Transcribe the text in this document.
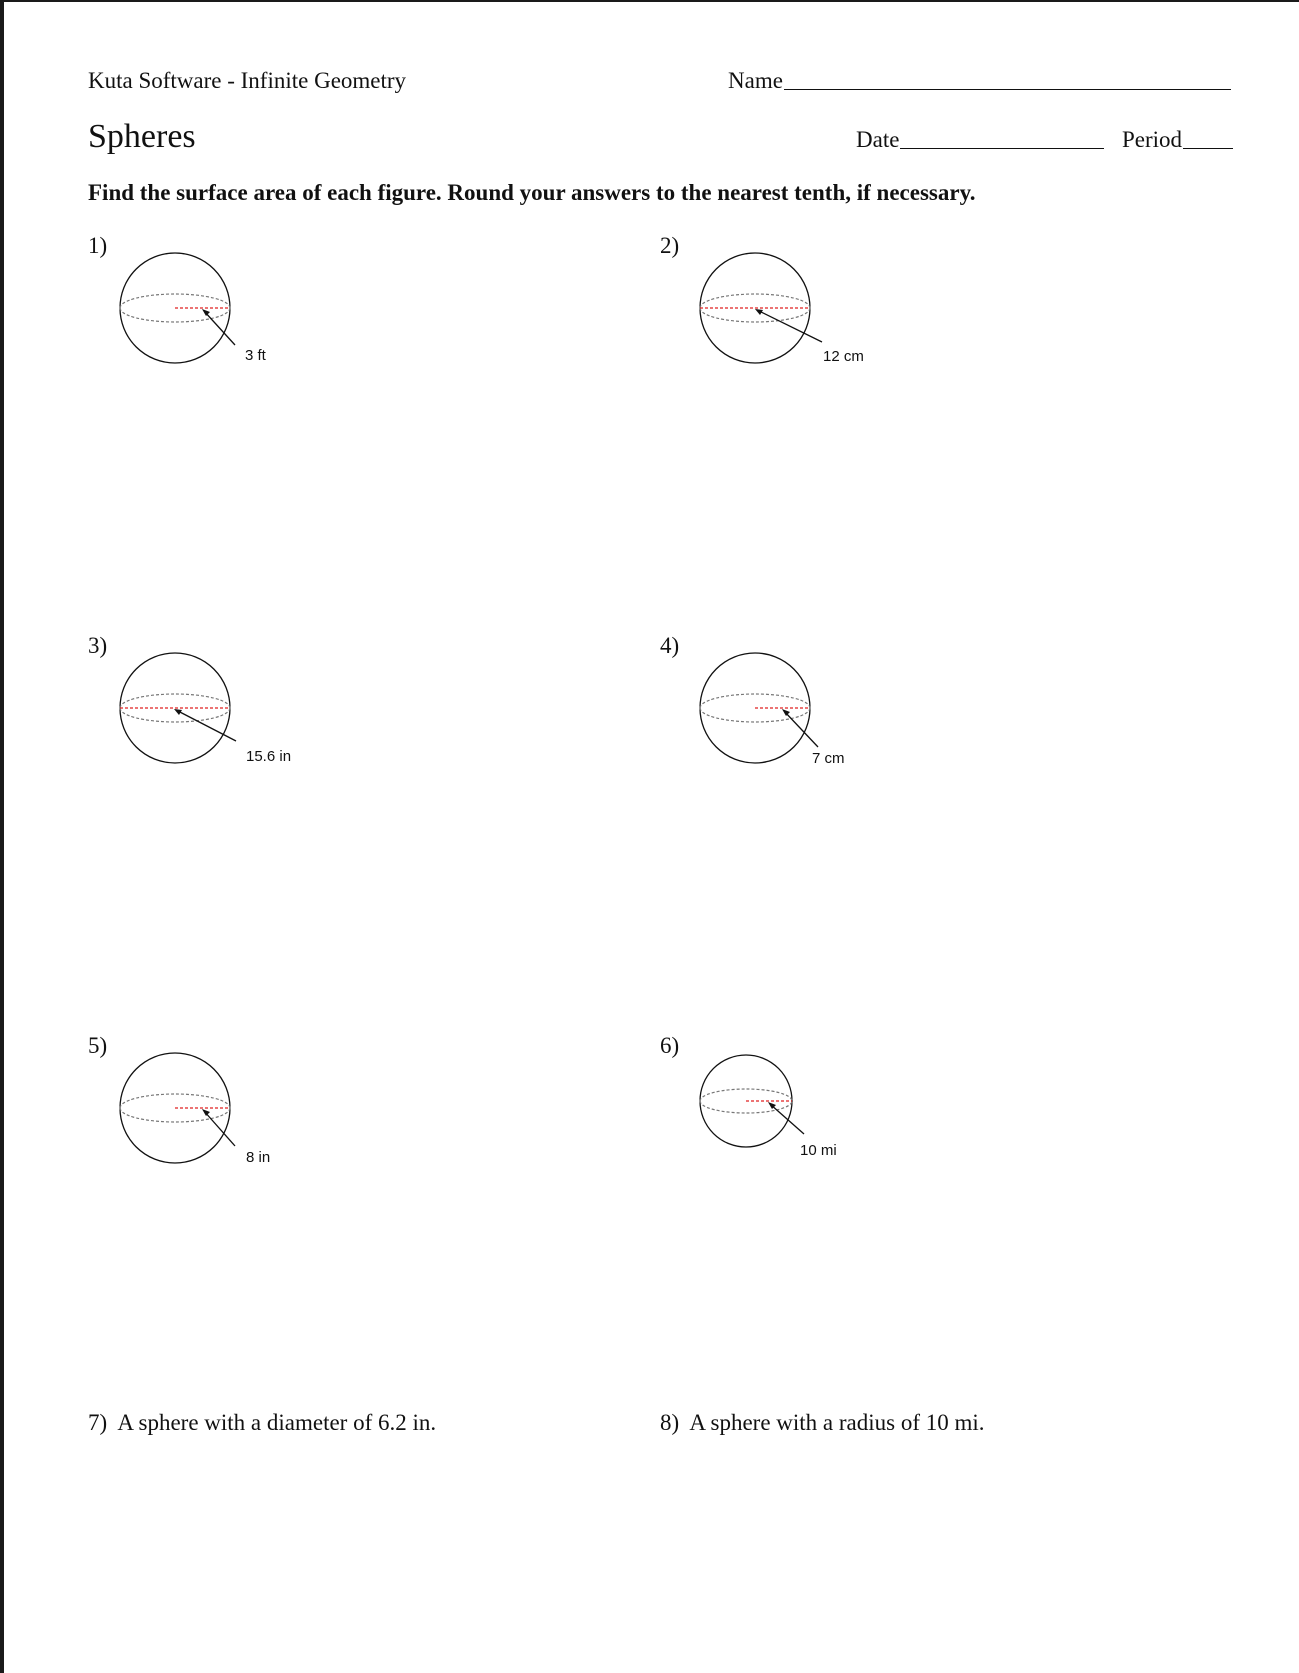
Kuta Software - Infinite Geometry	Name
Spheres	Date	Period
Find the surface area of each figure. Round your answers to the nearest tenth, if necessary.
1)	2)
3)	4)
5)	6)
3 ft	12 cm
15.6 in	7 cm
8 in	10 mi
7) A sphere with a diameter of 6.2 in.	8) A sphere with a radius of 10 mi.
